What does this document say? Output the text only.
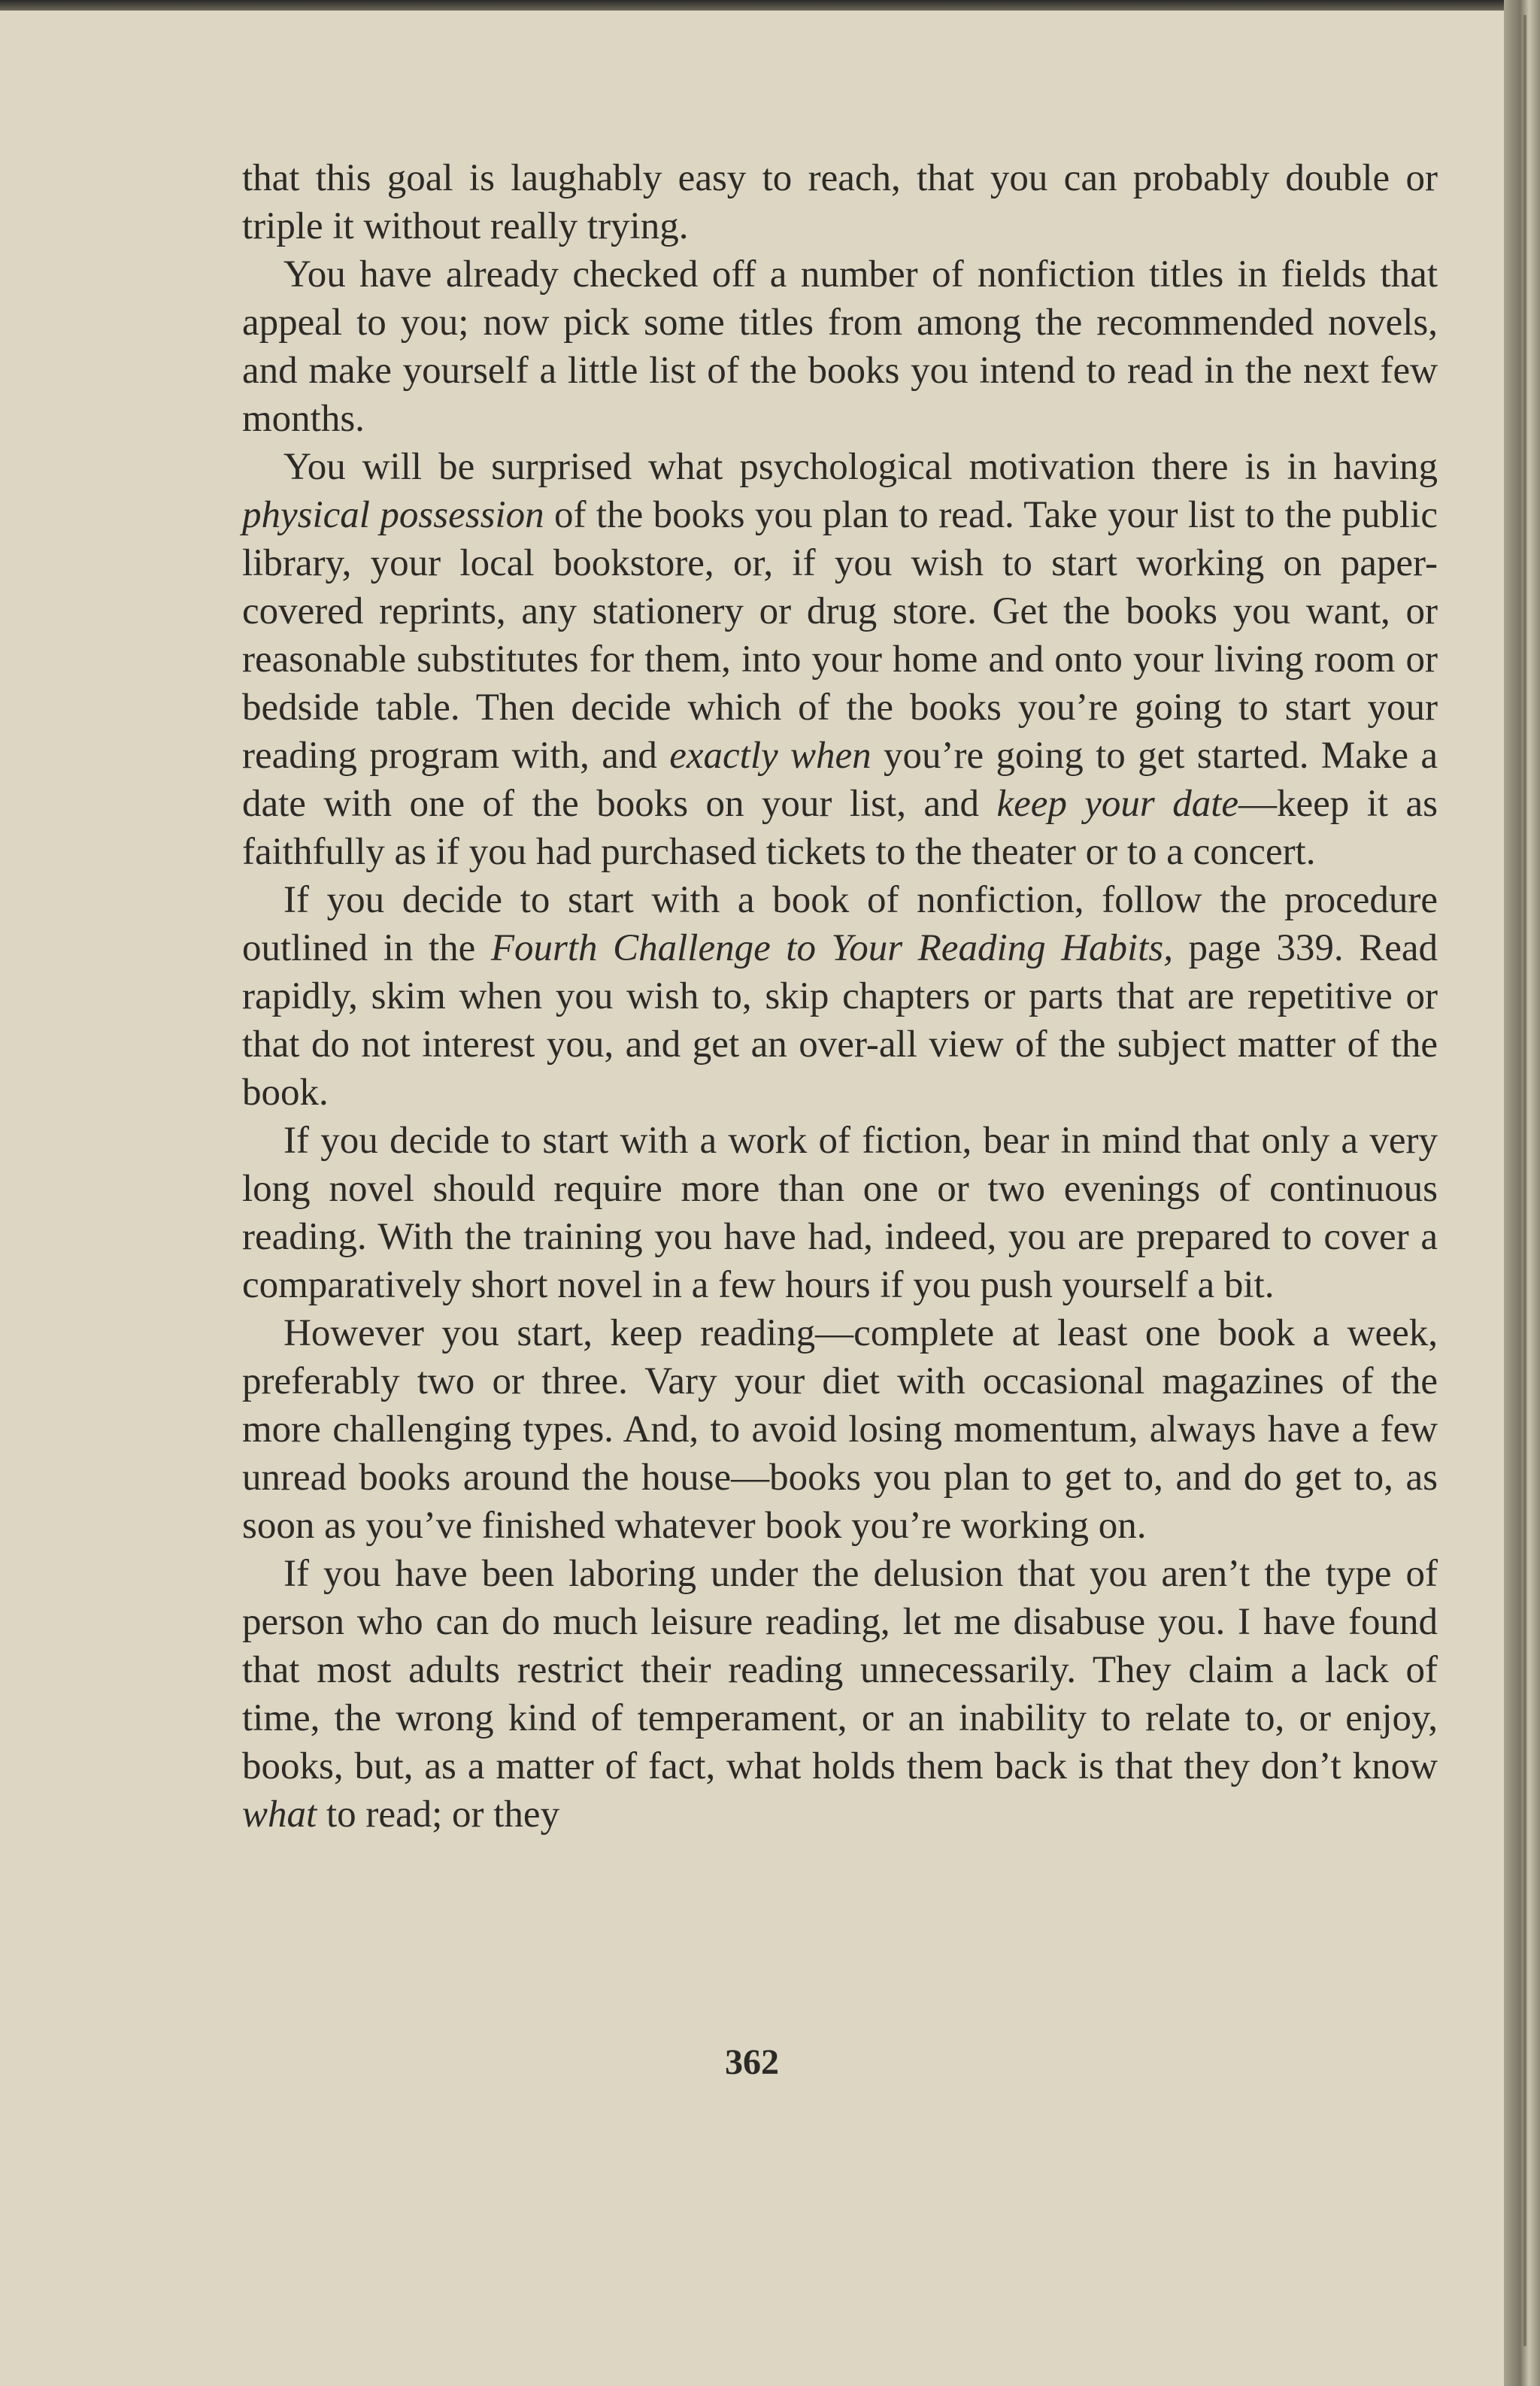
that this goal is laughably easy to reach, that you can probably double or triple it without really trying.

You have already checked off a number of nonfiction titles in fields that appeal to you; now pick some titles from among the recommended novels, and make yourself a little list of the books you intend to read in the next few months.

You will be surprised what psychological motivation there is in having physical possession of the books you plan to read. Take your list to the public library, your local bookstore, or, if you wish to start working on paper-covered reprints, any stationery or drug store. Get the books you want, or reasonable substitutes for them, into your home and onto your living room or bedside table. Then decide which of the books you’re going to start your reading program with, and exactly when you’re going to get started. Make a date with one of the books on your list, and keep your date—keep it as faithfully as if you had purchased tickets to the theater or to a concert.

If you decide to start with a book of nonfiction, follow the procedure outlined in the Fourth Challenge to Your Reading Habits, page 339. Read rapidly, skim when you wish to, skip chapters or parts that are repetitive or that do not interest you, and get an over-all view of the subject matter of the book.

If you decide to start with a work of fiction, bear in mind that only a very long novel should require more than one or two evenings of continuous reading. With the training you have had, indeed, you are prepared to cover a comparatively short novel in a few hours if you push yourself a bit.

However you start, keep reading—complete at least one book a week, preferably two or three. Vary your diet with occasional magazines of the more challenging types. And, to avoid losing momentum, always have a few unread books around the house—books you plan to get to, and do get to, as soon as you’ve finished whatever book you’re working on.

If you have been laboring under the delusion that you aren’t the type of person who can do much leisure reading, let me disabuse you. I have found that most adults restrict their reading unnecessarily. They claim a lack of time, the wrong kind of temperament, or an inability to relate to, or enjoy, books, but, as a matter of fact, what holds them back is that they don’t know what to read; or they

362
